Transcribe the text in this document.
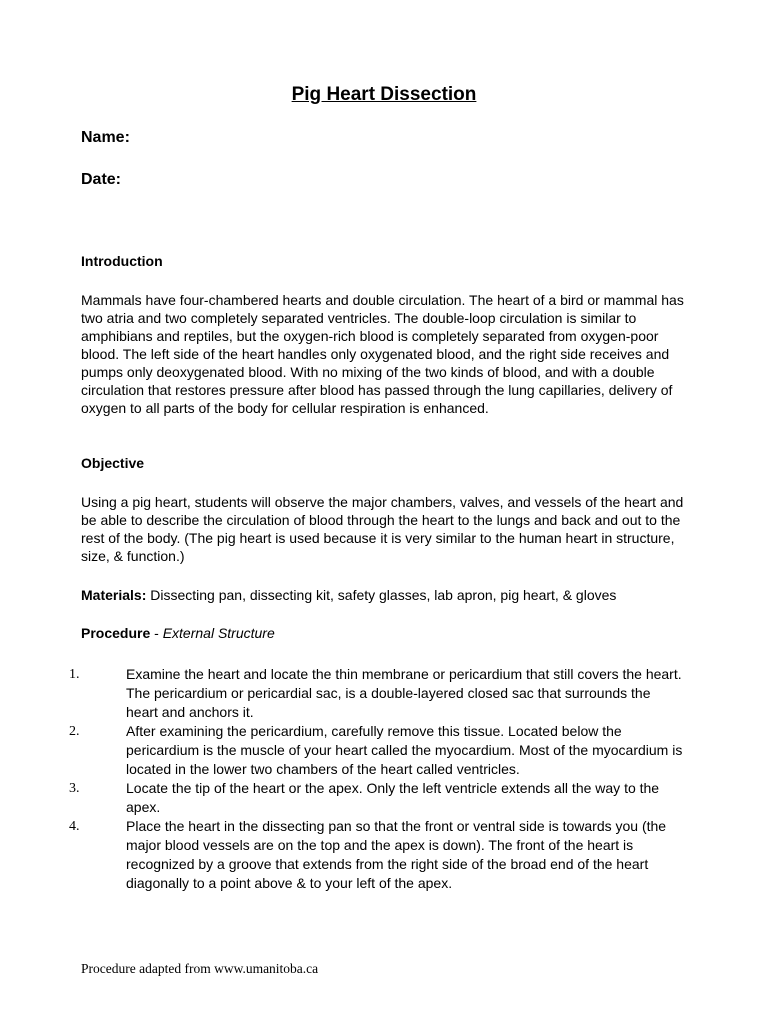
Pig Heart Dissection
Name:
Date:
Introduction
Mammals have four-chambered hearts and double circulation. The heart of a bird or mammal has two atria and two completely separated ventricles. The double-loop circulation is similar to amphibians and reptiles, but the oxygen-rich blood is completely separated from oxygen-poor blood. The left side of the heart handles only oxygenated blood, and the right side receives and pumps only deoxygenated blood. With no mixing of the two kinds of blood, and with a double circulation that restores pressure after blood has passed through the lung capillaries, delivery of oxygen to all parts of the body for cellular respiration is enhanced.
Objective
Using a pig heart, students will observe the major chambers, valves, and vessels of the heart and be able to describe the circulation of blood through the heart to the lungs and back and out to the rest of the body. (The pig heart is used because it is very similar to the human heart in structure, size, & function.)
Materials: Dissecting pan, dissecting kit, safety glasses, lab apron, pig heart, & gloves
Procedure - External Structure
1.	Examine the heart and locate the thin membrane or pericardium that still covers the heart. The pericardium or pericardial sac, is a double-layered closed sac that surrounds the heart and anchors it.
2.	After examining the pericardium, carefully remove this tissue. Located below the pericardium is the muscle of your heart called the myocardium. Most of the myocardium is located in the lower two chambers of the heart called ventricles.
3.	Locate the tip of the heart or the apex. Only the left ventricle extends all the way to the apex.
4.	Place the heart in the dissecting pan so that the front or ventral side is towards you (the major blood vessels are on the top and the apex is down). The front of the heart is recognized by a groove that extends from the right side of the broad end of the heart diagonally to a point above & to your left of the apex.
Procedure adapted from www.umanitoba.ca
